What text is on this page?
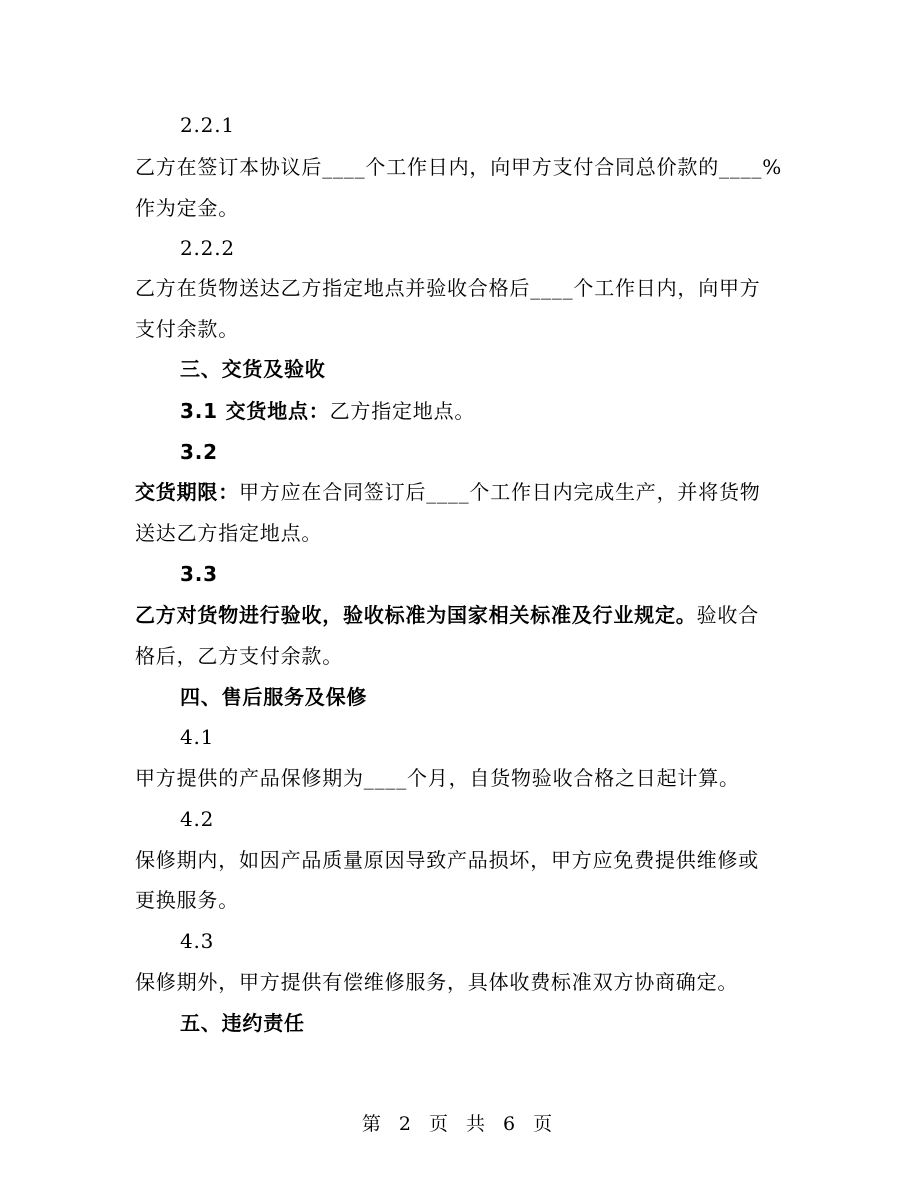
2.2.1
乙方在签订本协议后____个工作日内，向甲方支付合同总价款的____%
作为定金。
2.2.2
乙方在货物送达乙方指定地点并验收合格后____个工作日内，向甲方
支付余款。
三、交货及验收
3.1 交货地点：乙方指定地点。
3.2
交货期限：甲方应在合同签订后____个工作日内完成生产，并将货物
送达乙方指定地点。
3.3
乙方对货物进行验收，验收标准为国家相关标准及行业规定。验收合
格后，乙方支付余款。
四、售后服务及保修
4.1
甲方提供的产品保修期为____个月，自货物验收合格之日起计算。
4.2
保修期内，如因产品质量原因导致产品损坏，甲方应免费提供维修或
更换服务。
4.3
保修期外，甲方提供有偿维修服务，具体收费标准双方协商确定。
五、违约责任
第 2 页 共 6 页
